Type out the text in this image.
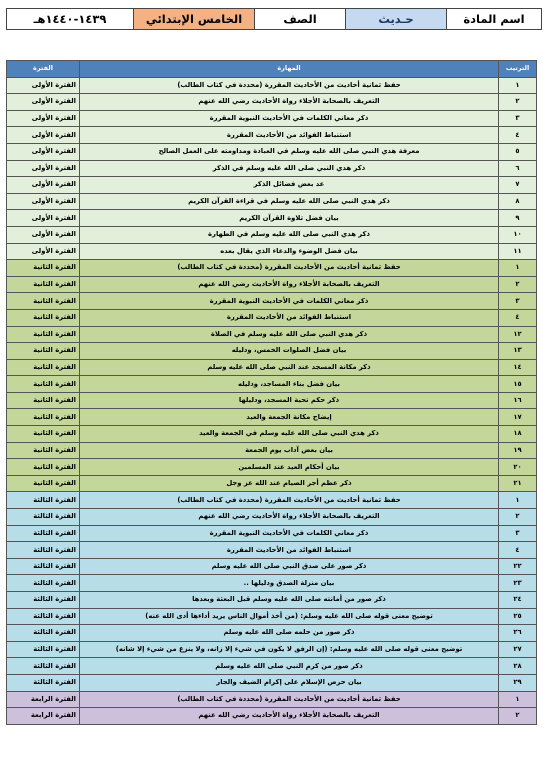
اسم المادة	حـديث	الصف	الخامس الإبتدائي	١٤٣٩-١٤٤٠هـ
الترتيب	المهارة	الفترة
١	حفظ ثمانية أحاديث من الأحاديث المقررة (محددة في كتاب الطالب)	الفترة الأولى
٢	التعريف بالصحابة الأجلاء رواة الأحاديث رضي الله عنهم	الفترة الأولى
٣	ذكر معاني الكلمات في الأحاديث النبوية المقررة	الفترة الأولى
٤	استنباط الفوائد من الأحاديث المقررة	الفترة الأولى
٥	معرفة هدي النبي صلى الله عليه وسلم في العبادة ومداومته على العمل الصالح	الفترة الأولى
٦	ذكر هدي النبي صلى الله عليه وسلم في الذكر	الفترة الأولى
٧	عد بعض فضائل الذكر	الفترة الأولى
٨	ذكر هدي النبي صلى الله عليه وسلم في قراءة القرآن الكريم	الفترة الأولى
٩	بيان فضل تلاوة القرآن الكريم	الفترة الأولى
١٠	ذكر هدي النبي صلى الله عليه وسلم في الطهارة	الفترة الأولى
١١	بيان فضل الوضوء والدعاء الذي يقال بعده	الفترة الأولى
١	حفظ ثمانية أحاديث من الأحاديث المقررة (محددة في كتاب الطالب)	الفترة الثانية
٢	التعريف بالصحابة الأجلاء رواة الأحاديث رضي الله عنهم	الفترة الثانية
٣	ذكر معاني الكلمات في الأحاديث النبوية المقررة	الفترة الثانية
٤	استنباط الفوائد من الأحاديث المقررة	الفترة الثانية
١٢	ذكر هدي النبي صلى الله عليه وسلم في الصلاة	الفترة الثانية
١٣	بيان فضل الصلوات الخمس، ودليله	الفترة الثانية
١٤	ذكر مكانة المسجد عند النبي صلى الله عليه وسلم	الفترة الثانية
١٥	بيان فضل بناء المساجد، ودليله	الفترة الثانية
١٦	ذكر حكم تحية المسجد، ودليلها	الفترة الثانية
١٧	إيضاح مكانة الجمعة والعيد	الفترة الثانية
١٨	ذكر هدي النبي صلى الله عليه وسلم في الجمعة والعيد	الفترة الثانية
١٩	بيان بعض آداب يوم الجمعة	الفترة الثانية
٢٠	بيان أحكام العيد عند المسلمين	الفترة الثانية
٢١	ذكر عظم أجر الصيام عند الله عز وجل	الفترة الثانية
١	حفظ ثمانية أحاديث من الأحاديث المقررة (محددة في كتاب الطالب)	الفترة الثالثة
٢	التعريف بالصحابة الأجلاء رواة الأحاديث رضي الله عنهم	الفترة الثالثة
٣	ذكر معاني الكلمات في الأحاديث النبوية المقررة	الفترة الثالثة
٤	استنباط الفوائد من الأحاديث المقررة	الفترة الثالثة
٢٢	ذكر صور على صدق النبي صلى الله عليه وسلم	الفترة الثالثة
٢٣	بيان منزلة الصدق ودليلها ..	الفترة الثالثة
٢٤	ذكر صور من أمانته صلى الله عليه وسلم قبل البعثة وبعدها	الفترة الثالثة
٢٥	توضيح معنى قوله صلى الله عليه وسلم: (من أخذ أموال الناس يريد أداءها أدى الله عنه)	الفترة الثالثة
٢٦	ذكر صور من حلمه صلى الله عليه وسلم	الفترة الثالثة
٢٧	توضيح معنى قوله صلى الله عليه وسلم: (إن الرفق لا يكون في شيء إلا زانه، ولا ينزع من شيء إلا شانه)	الفترة الثالثة
٢٨	ذكر صور من كرم النبي صلى الله عليه وسلم	الفترة الثالثة
٢٩	بيان حرص الإسلام على إكرام الضيف والجار	الفترة الثالثة
١	حفظ ثمانية أحاديث من الأحاديث المقررة (محددة في كتاب الطالب)	الفترة الرابعة
٢	التعريف بالصحابة الأجلاء رواة الأحاديث رضي الله عنهم	الفترة الرابعة
